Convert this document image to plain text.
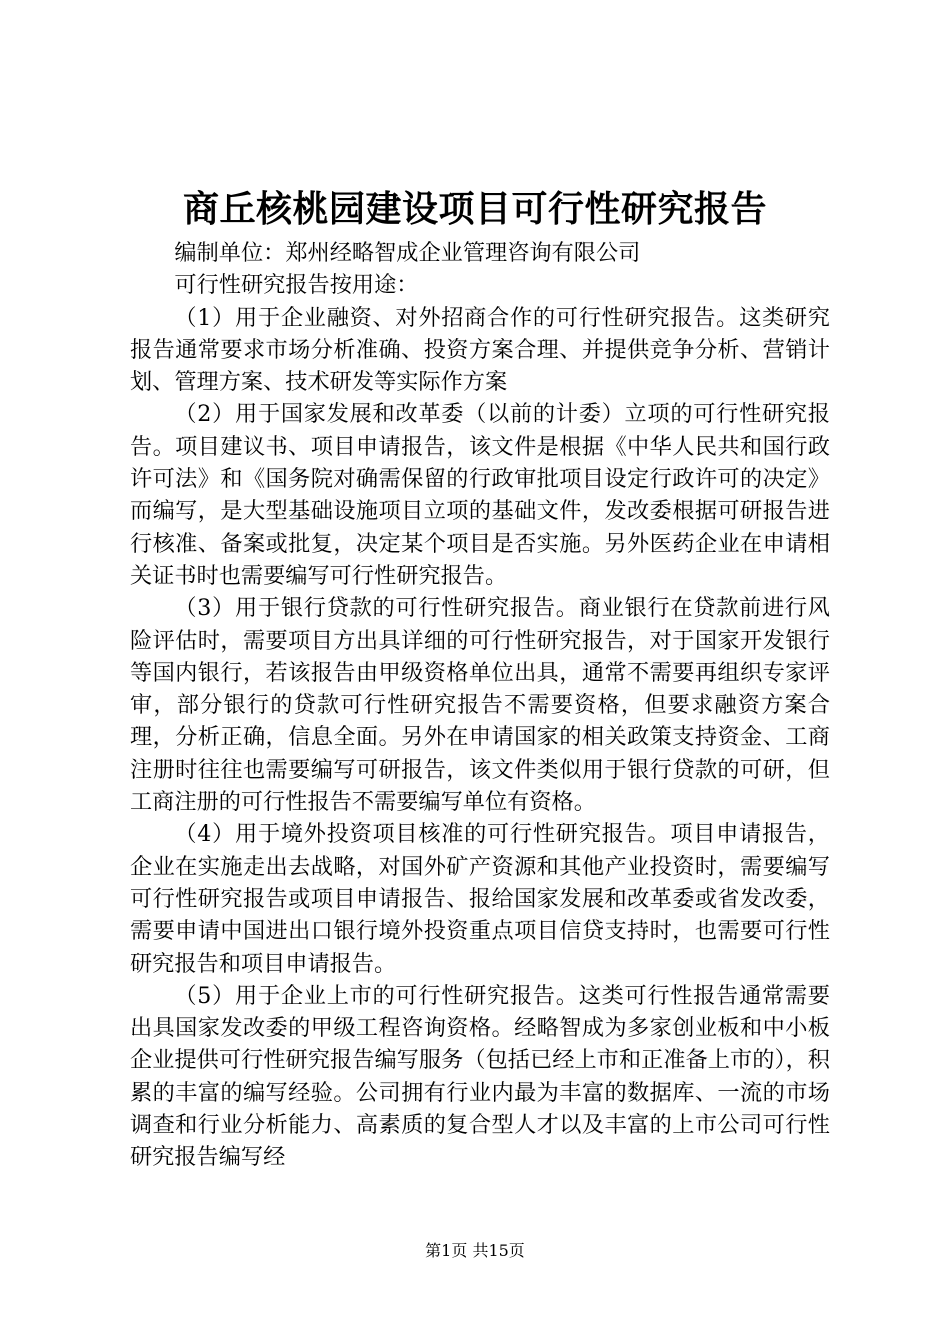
商丘核桃园建设项目可行性研究报告

编制单位：郑州经略智成企业管理咨询有限公司

可行性研究报告按用途：

（1）用于企业融资、对外招商合作的可行性研究报告。这类研究报告通常要求市场分析准确、投资方案合理、并提供竞争分析、营销计划、管理方案、技术研发等实际作方案

（2）用于国家发展和改革委（以前的计委）立项的可行性研究报告。项目建议书、项目申请报告，该文件是根据《中华人民共和国行政许可法》和《国务院对确需保留的行政审批项目设定行政许可的决定》而编写，是大型基础设施项目立项的基础文件，发改委根据可研报告进行核准、备案或批复，决定某个项目是否实施。另外医药企业在申请相关证书时也需要编写可行性研究报告。

（3）用于银行贷款的可行性研究报告。商业银行在贷款前进行风险评估时，需要项目方出具详细的可行性研究报告，对于国家开发银行等国内银行，若该报告由甲级资格单位出具，通常不需要再组织专家评审，部分银行的贷款可行性研究报告不需要资格，但要求融资方案合理，分析正确，信息全面。另外在申请国家的相关政策支持资金、工商注册时往往也需要编写可研报告，该文件类似用于银行贷款的可研，但工商注册的可行性报告不需要编写单位有资格。

（4）用于境外投资项目核准的可行性研究报告。项目申请报告，企业在实施走出去战略，对国外矿产资源和其他产业投资时，需要编写可行性研究报告或项目申请报告、报给国家发展和改革委或省发改委，需要申请中国进出口银行境外投资重点项目信贷支持时，也需要可行性研究报告和项目申请报告。

（5）用于企业上市的可行性研究报告。这类可行性报告通常需要出具国家发改委的甲级工程咨询资格。经略智成为多家创业板和中小板企业提供可行性研究报告编写服务（包括已经上市和正准备上市的），积累的丰富的编写经验。公司拥有行业内最为丰富的数据库、一流的市场调查和行业分析能力、高素质的复合型人才以及丰富的上市公司可行性研究报告编写经

第1页 共15页
